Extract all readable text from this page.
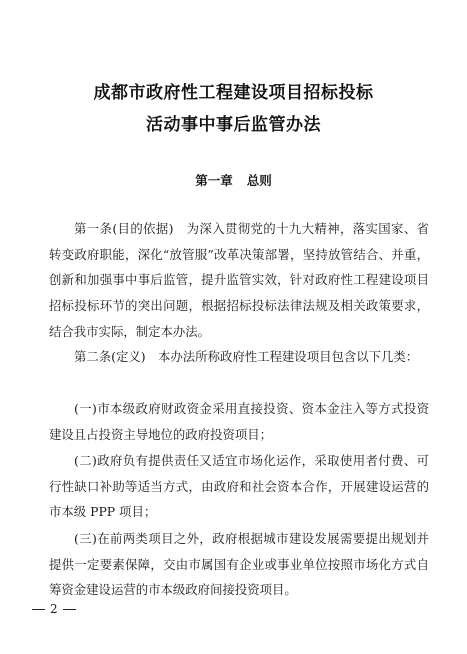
成都市政府性工程建设项目招标投标
活动事中事后监管办法
第一章 总则

第一条(目的依据)　为深入贯彻党的十九大精神，落实国家、省转变政府职能，深化“放管服”改革决策部署，坚持放管结合、并重，创新和加强事中事后监管，提升监管实效，针对政府性工程建设项目招标投标环节的突出问题，根据招标投标法律法规及相关政策要求，结合我市实际，制定本办法。

第二条(定义)　本办法所称政府性工程建设项目包含以下几类：

(一)市本级政府财政资金采用直接投资、资本金注入等方式投资建设且占投资主导地位的政府投资项目；

(二)政府负有提供责任又适宜市场化运作，采取使用者付费、可行性缺口补助等适当方式，由政府和社会资本合作，开展建设运营的市本级 PPP 项目；

(三)在前两类项目之外，政府根据城市建设发展需要提出规划并提供一定要素保障，交由市属国有企业或事业单位按照市场化方式自筹资金建设运营的市本级政府间接投资项目。

2
